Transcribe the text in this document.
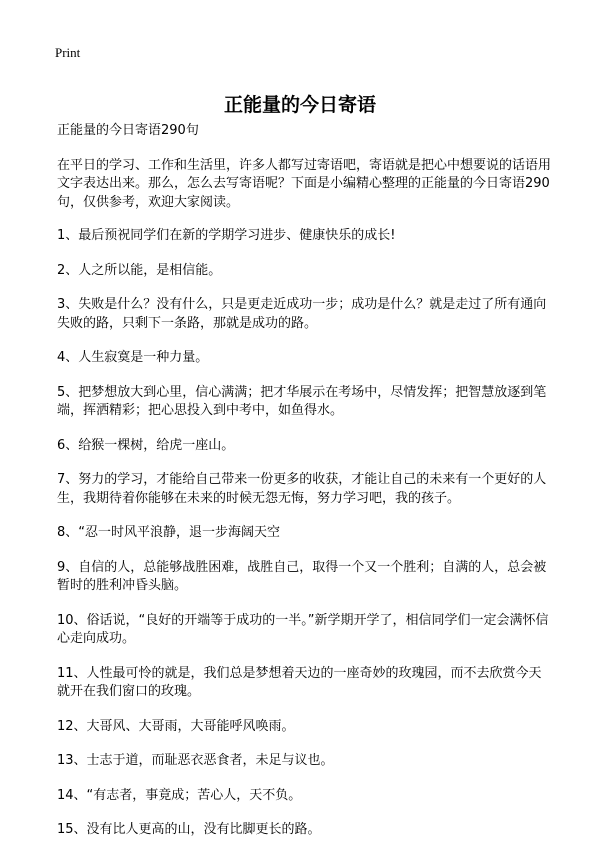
Print
正能量的今日寄语

正能量的今日寄语290句

在平日的学习、工作和生活里，许多人都写过寄语吧，寄语就是把心中想要说的话语用文字表达出来。那么，怎么去写寄语呢？下面是小编精心整理的正能量的今日寄语290句，仅供参考，欢迎大家阅读。

1、最后预祝同学们在新的学期学习进步、健康快乐的成长!

2、人之所以能，是相信能。

3、失败是什么？没有什么，只是更走近成功一步；成功是什么？就是走过了所有通向失败的路，只剩下一条路，那就是成功的路。

4、人生寂寞是一种力量。

5、把梦想放大到心里，信心满满；把才华展示在考场中，尽情发挥；把智慧放逐到笔端，挥洒精彩；把心思投入到中考中，如鱼得水。

6、给猴一棵树，给虎一座山。

7、努力的学习，才能给自己带来一份更多的收获，才能让自己的未来有一个更好的人生，我期待着你能够在未来的时候无怨无悔，努力学习吧，我的孩子。

8、“忍一时风平浪静，退一步海阔天空

9、自信的人，总能够战胜困难，战胜自己，取得一个又一个胜利；自满的人，总会被暂时的胜利冲昏头脑。

10、俗话说，“良好的开端等于成功的一半。”新学期开学了，相信同学们一定会满怀信心走向成功。

11、人性最可怜的就是，我们总是梦想着天边的一座奇妙的玫瑰园，而不去欣赏今天就开在我们窗口的玫瑰。

12、大哥风、大哥雨，大哥能呼风唤雨。

13、士志于道，而耻恶衣恶食者，未足与议也。

14、“有志者，事竟成；苦心人，天不负。

15、没有比人更高的山，没有比脚更长的路。
